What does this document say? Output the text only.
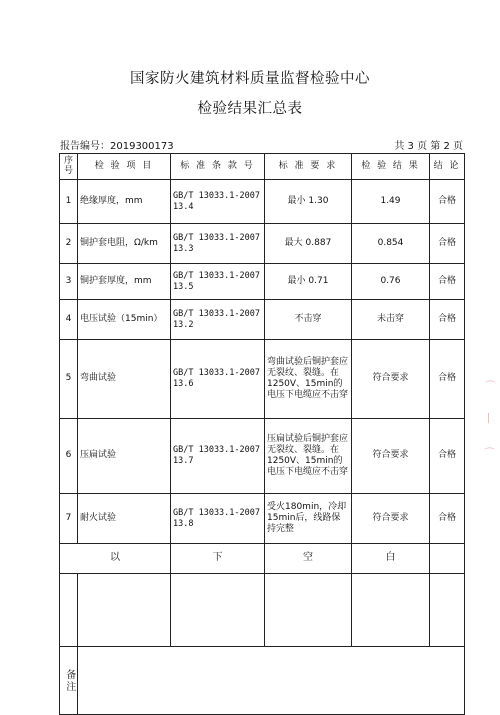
国家防火建筑材料质量监督检验中心
检验结果汇总表
报告编号：2019300173	共 3 页 第 2 页
序号	检 验 项 目	标 准 条 款 号	标 准 要 求	检 验 结 果	结 论
1	绝缘厚度，mm	GB/T 13033.1-2007 13.4	最小 1.30	1.49	合格
2	铜护套电阻，Ω/km	GB/T 13033.1-2007 13.3	最大 0.887	0.854	合格
3	铜护套厚度，mm	GB/T 13033.1-2007 13.5	最小 0.71	0.76	合格
4	电压试验（15min）	GB/T 13033.1-2007 13.2	不击穿	未击穿	合格
5	弯曲试验	GB/T 13033.1-2007 13.6	弯曲试验后铜护套应无裂纹、裂缝。在1250V、15min的电压下电缆应不击穿	符合要求	合格
6	压扁试验	GB/T 13033.1-2007 13.7	压扁试验后铜护套应无裂纹、裂缝。在1250V、15min的电压下电缆应不击穿	符合要求	合格
7	耐火试验	GB/T 13033.1-2007 13.8	受火180min，冷却15min后，线路保持完整	符合要求	合格
以		下	空	白	

备注					
⌒
丨
⌒
